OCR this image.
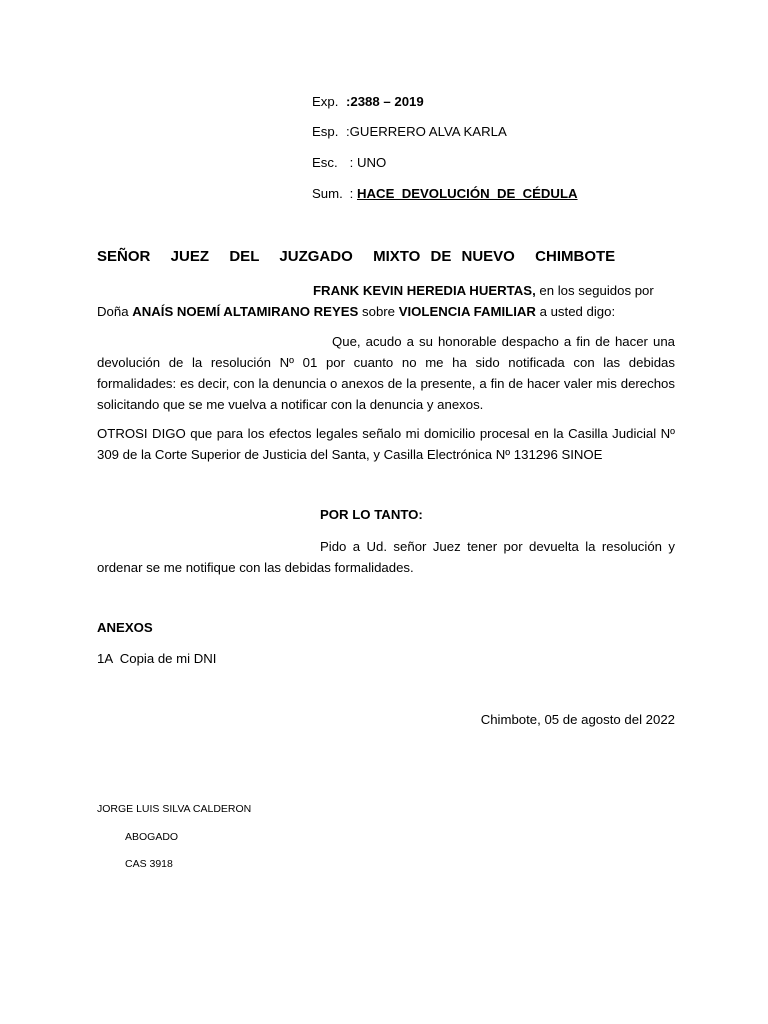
Exp. :2388 – 2019
Esp. :GUERRERO ALVA KARLA
Esc. : UNO
Sum. : HACE  DEVOLUCIÓN  DE  CÉDULA
SEÑOR  JUEZ  DEL  JUZGADO  MIXTO DE NUEVO  CHIMBOTE
FRANK KEVIN HEREDIA HUERTAS, en los seguidos por
Doña ANAÍS NOEMÍ ALTAMIRANO REYES sobre VIOLENCIA FAMILIAR a usted digo:
Que, acudo a su honorable despacho a fin de hacer una
devolución de la resolución Nº 01 por cuanto no me ha sido notificada con las debidas formalidades: es decir, con la denuncia o anexos de la presente, a fin de hacer valer mis derechos solicitando que se me vuelva a notificar con la denuncia y anexos.
OTROSI DIGO que para los efectos legales señalo mi domicilio procesal en la Casilla Judicial Nº 309 de la Corte Superior de Justicia del Santa, y Casilla Electrónica Nº 131296 SINOE
POR LO TANTO:
Pido a Ud. señor Juez tener por devuelta la resolución y
ordenar se me notifique con las debidas formalidades.
ANEXOS
1A  Copia de mi DNI
Chimbote, 05 de agosto del 2022
JORGE LUIS SILVA CALDERON
ABOGADO
CAS 3918
